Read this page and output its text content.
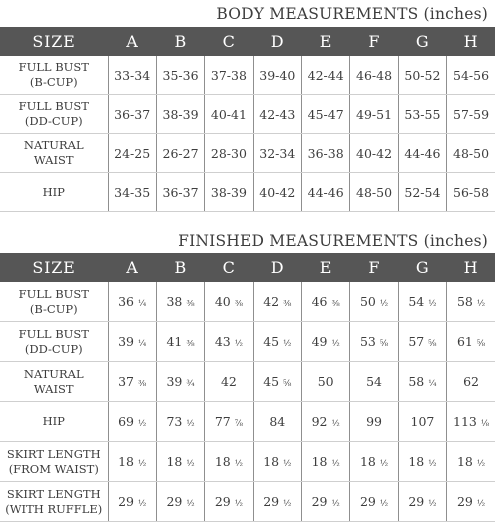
BODY MEASUREMENTS (inches)
SIZE	A	B	C	D	E	F	G	H
FULL BUST
(B-CUP)	33-34	35-36	37-38	39-40	42-44	46-48	50-52	54-56
FULL BUST
(DD-CUP)	36-37	38-39	40-41	42-43	45-47	49-51	53-55	57-59
NATURAL
WAIST	24-25	26-27	28-30	32-34	36-38	40-42	44-46	48-50
HIP	34-35	36-37	38-39	40-42	44-46	48-50	52-54	56-58
FINISHED MEASUREMENTS (inches)
SIZE	A	B	C	D	E	F	G	H
FULL BUST
(B-CUP)	36 ¼	38 ⅜	40 ⅜	42 ⅜	46 ⅜	50 ½	54 ½	58 ½
FULL BUST
(DD-CUP)	39 ¼	41 ⅜	43 ½	45 ½	49 ½	53 ⅝	57 ⅝	61 ⅝
NATURAL
WAIST	37 ⅜	39 ¾	42	45 ⅝	50	54	58 ¼	62
HIP	69 ½	73 ½	77 ⅞	84	92 ½	99	107	113 ⅛
SKIRT LENGTH
(FROM WAIST)	18 ½	18 ½	18 ½	18 ½	18 ½	18 ½	18 ½	18 ½
SKIRT LENGTH
(WITH RUFFLE)	29 ½	29 ½	29 ½	29 ½	29 ½	29 ½	29 ½	29 ½
